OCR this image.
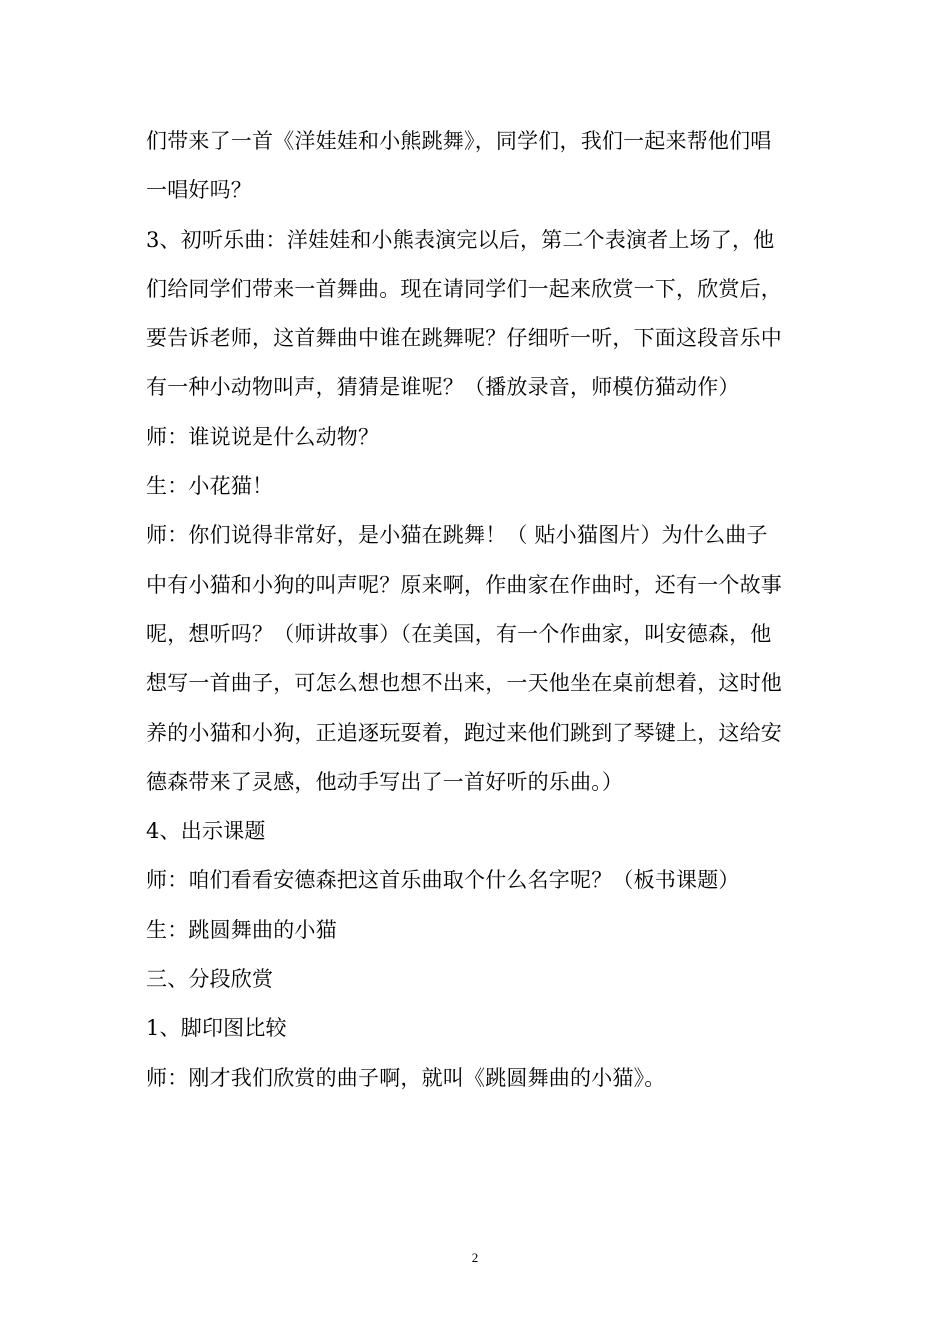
们带来了一首《洋娃娃和小熊跳舞》，同学们，我们一起来帮他们唱
一唱好吗？
3、初听乐曲：洋娃娃和小熊表演完以后，第二个表演者上场了，他
们给同学们带来一首舞曲。现在请同学们一起来欣赏一下，欣赏后，
要告诉老师，这首舞曲中谁在跳舞呢？仔细听一听，下面这段音乐中
有一种小动物叫声，猜猜是谁呢？（播放录音，师模仿猫动作）
师：谁说说是什么动物？
生：小花猫！
师：你们说得非常好，是小猫在跳舞！（ 贴小猫图片）为什么曲子
中有小猫和小狗的叫声呢？原来啊，作曲家在作曲时，还有一个故事
呢，想听吗？（师讲故事）（在美国，有一个作曲家，叫安德森，他
想写一首曲子，可怎么想也想不出来，一天他坐在桌前想着，这时他
养的小猫和小狗，正追逐玩耍着，跑过来他们跳到了琴键上，这给安
德森带来了灵感，他动手写出了一首好听的乐曲。）
4、出示课题
师：咱们看看安德森把这首乐曲取个什么名字呢？（板书课题）
生：跳圆舞曲的小猫
三、分段欣赏
1、脚印图比较
师：刚才我们欣赏的曲子啊，就叫《跳圆舞曲的小猫》。
2
